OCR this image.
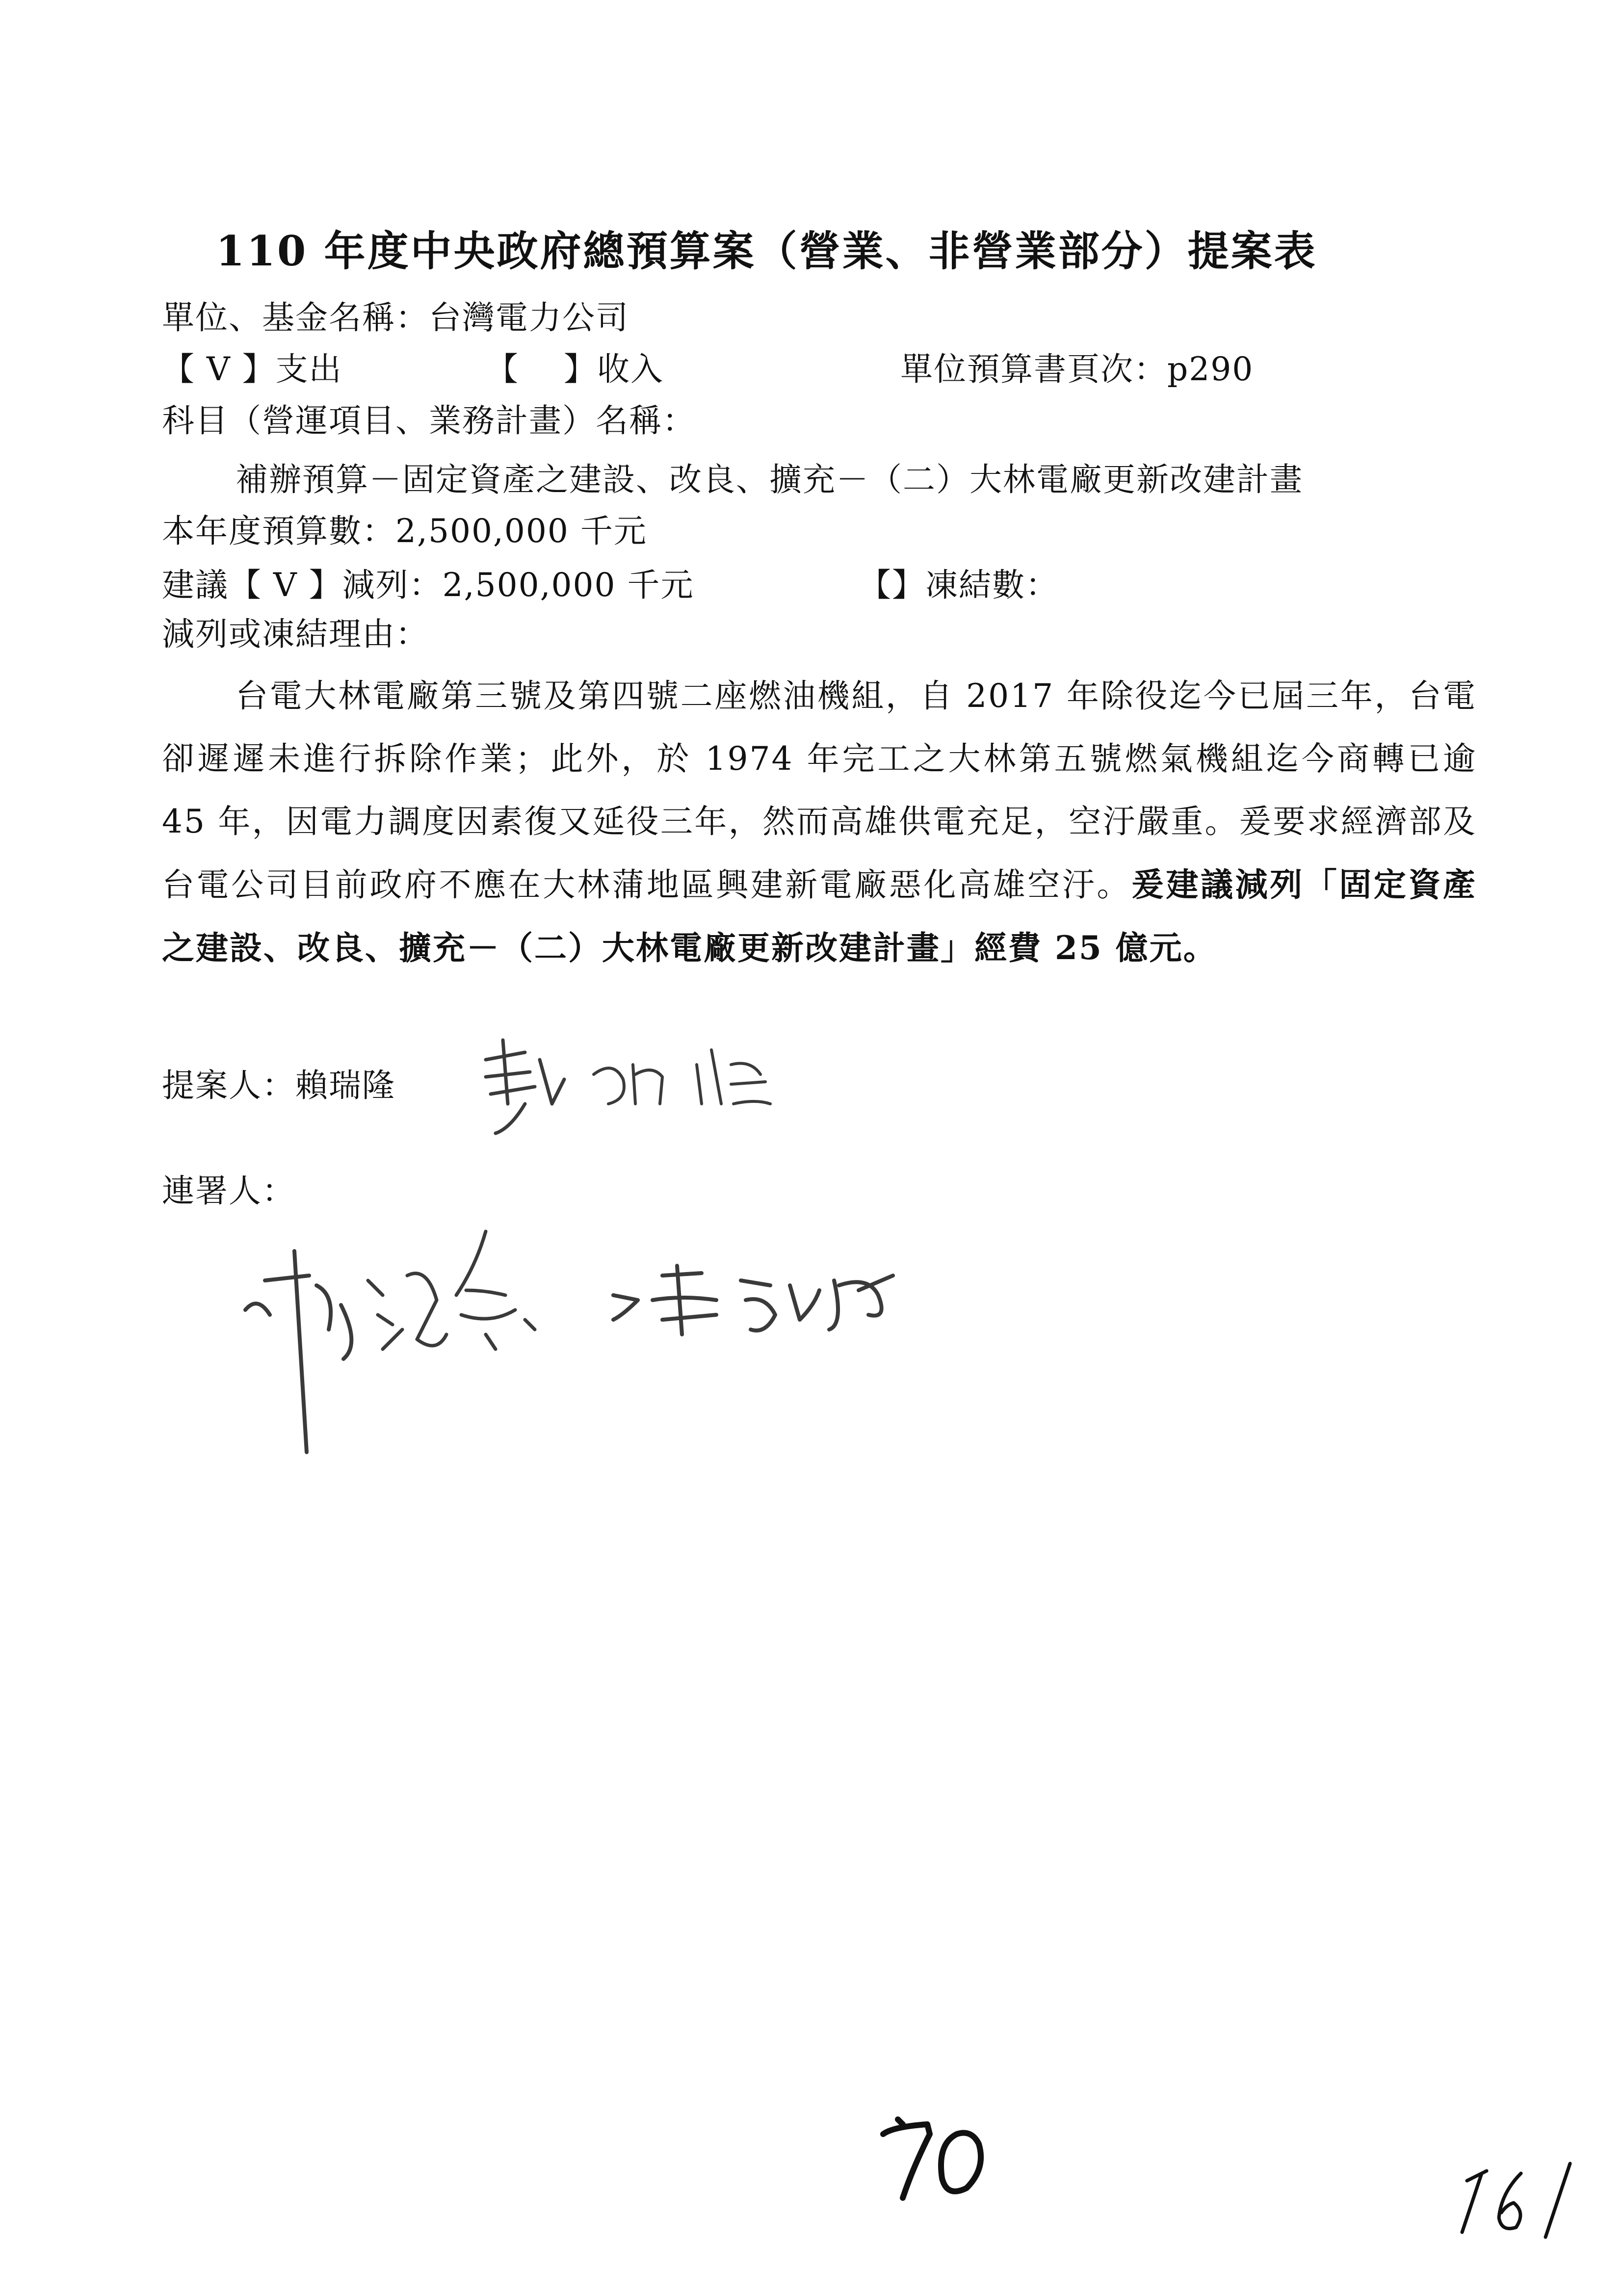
110 年度中央政府總預算案（營業、非營業部分）提案表
單位、基金名稱：台灣電力公司
【 V 】支出	【 　】收入	單位預算書頁次：p290
科目（營運項目、業務計畫）名稱：
補辦預算－固定資產之建設、改良、擴充－（二）大林電廠更新改建計畫
本年度預算數：2,500,000 千元
建議【 V 】減列：2,500,000 千元	【】凍結數：
減列或凍結理由：
台電大林電廠第三號及第四號二座燃油機組，自 2017 年除役迄今已屆三年，台電卻遲遲未進行拆除作業；此外，於 1974 年完工之大林第五號燃氣機組迄今商轉已逾 45 年，因電力調度因素復又延役三年，然而高雄供電充足，空汙嚴重。爰要求經濟部及台電公司目前政府不應在大林蒲地區興建新電廠惡化高雄空汙。爰建議減列「固定資產之建設、改良、擴充－（二）大林電廠更新改建計畫」經費 25 億元。
提案人：賴瑞隆
連署人：
70
161
